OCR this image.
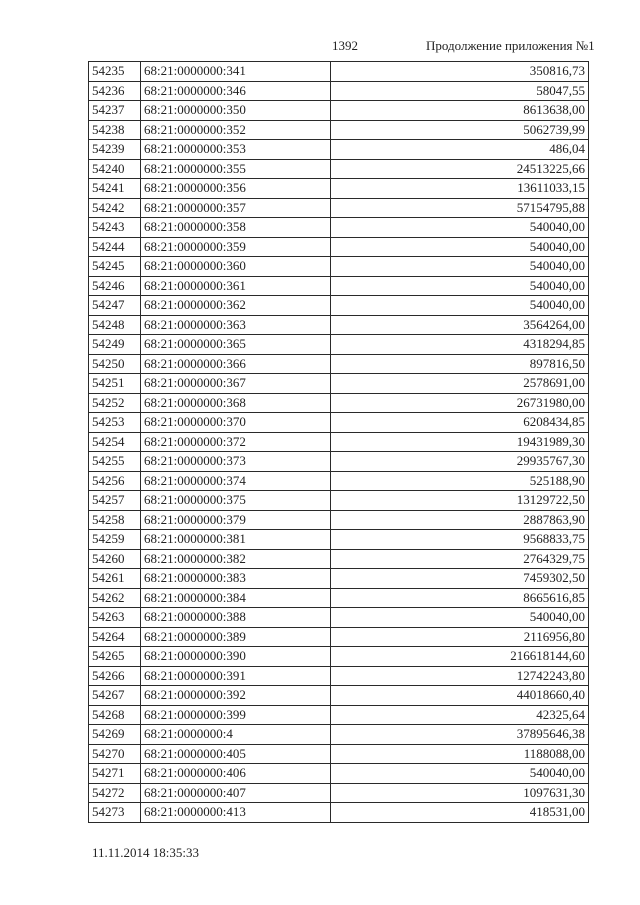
1392	Продолжение приложения №1
54235	68:21:0000000:341	350816,73
54236	68:21:0000000:346	58047,55
54237	68:21:0000000:350	8613638,00
54238	68:21:0000000:352	5062739,99
54239	68:21:0000000:353	486,04
54240	68:21:0000000:355	24513225,66
54241	68:21:0000000:356	13611033,15
54242	68:21:0000000:357	57154795,88
54243	68:21:0000000:358	540040,00
54244	68:21:0000000:359	540040,00
54245	68:21:0000000:360	540040,00
54246	68:21:0000000:361	540040,00
54247	68:21:0000000:362	540040,00
54248	68:21:0000000:363	3564264,00
54249	68:21:0000000:365	4318294,85
54250	68:21:0000000:366	897816,50
54251	68:21:0000000:367	2578691,00
54252	68:21:0000000:368	26731980,00
54253	68:21:0000000:370	6208434,85
54254	68:21:0000000:372	19431989,30
54255	68:21:0000000:373	29935767,30
54256	68:21:0000000:374	525188,90
54257	68:21:0000000:375	13129722,50
54258	68:21:0000000:379	2887863,90
54259	68:21:0000000:381	9568833,75
54260	68:21:0000000:382	2764329,75
54261	68:21:0000000:383	7459302,50
54262	68:21:0000000:384	8665616,85
54263	68:21:0000000:388	540040,00
54264	68:21:0000000:389	2116956,80
54265	68:21:0000000:390	216618144,60
54266	68:21:0000000:391	12742243,80
54267	68:21:0000000:392	44018660,40
54268	68:21:0000000:399	42325,64
54269	68:21:0000000:4	37895646,38
54270	68:21:0000000:405	1188088,00
54271	68:21:0000000:406	540040,00
54272	68:21:0000000:407	1097631,30
54273	68:21:0000000:413	418531,00
11.11.2014 18:35:33
